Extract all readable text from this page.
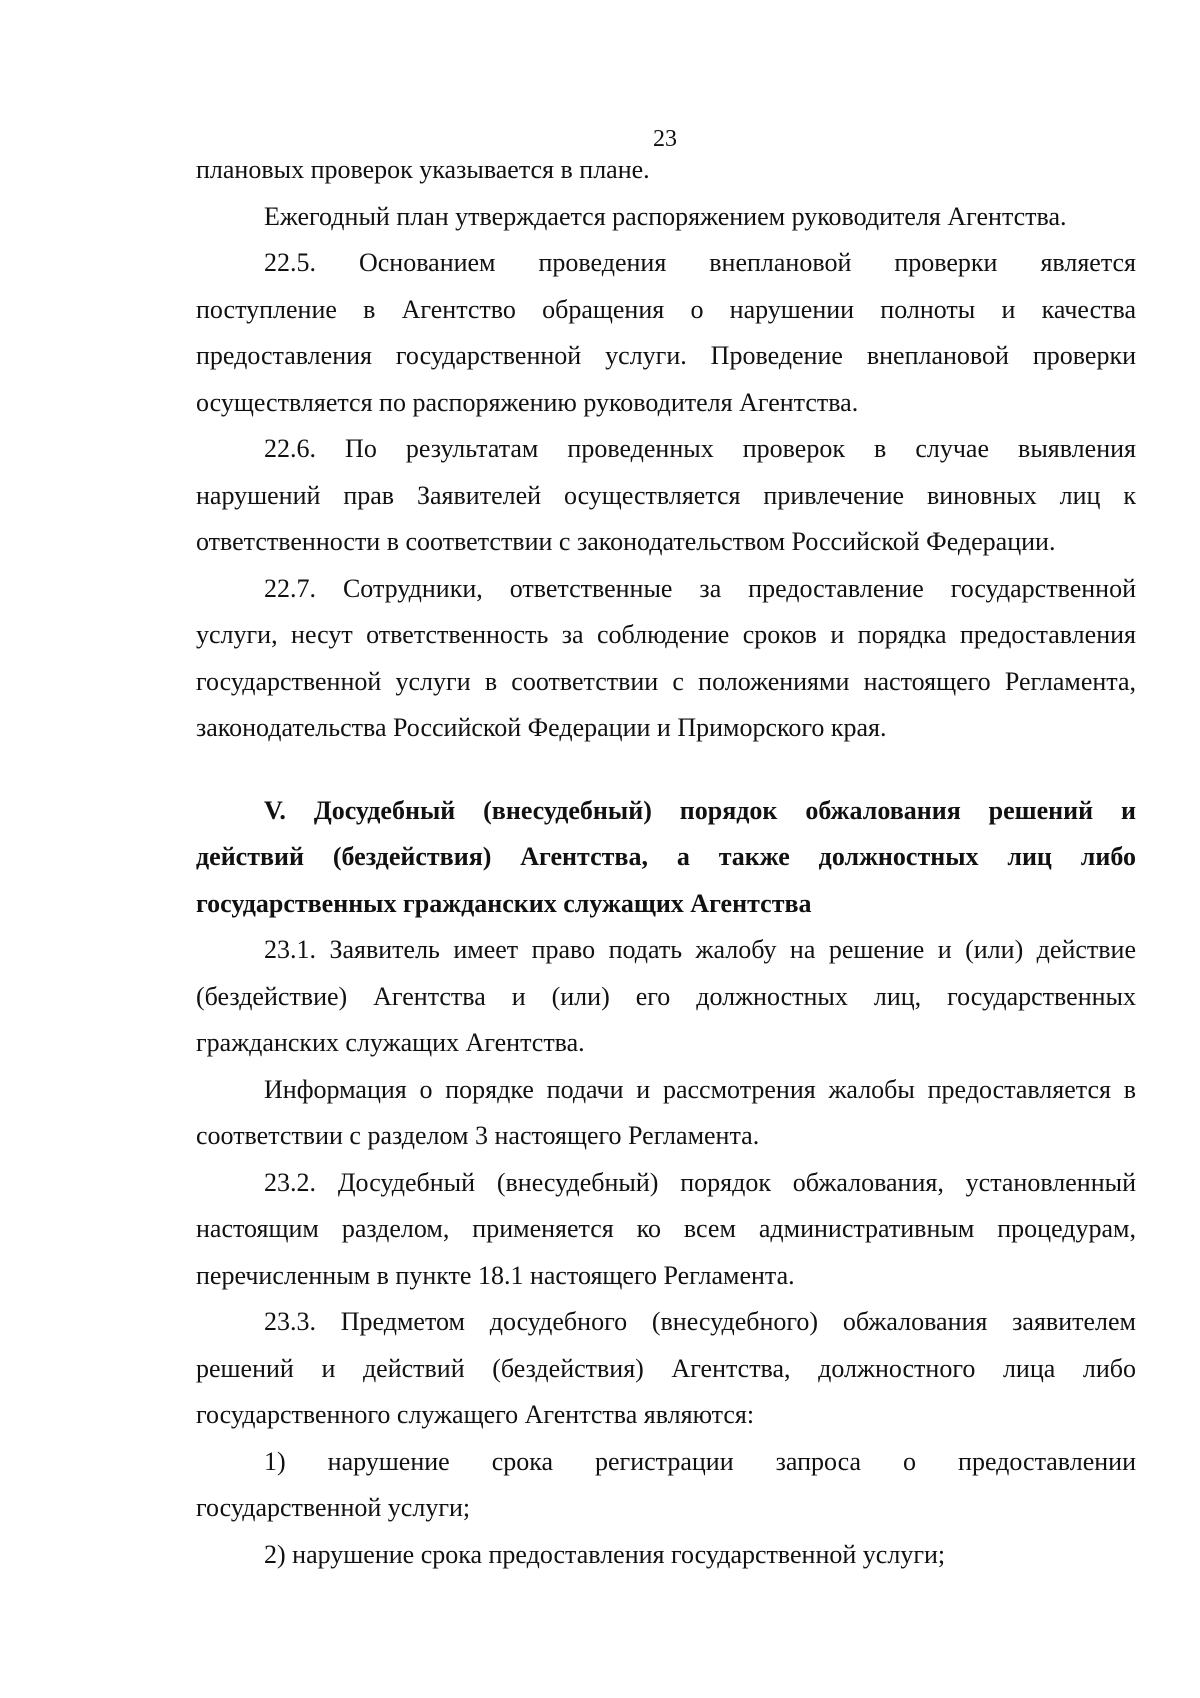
23
плановых проверок указывается в плане.
Ежегодный план утверждается распоряжением руководителя Агентства.
22.5. Основанием проведения внеплановой проверки является
поступление в Агентство обращения о нарушении полноты и качества
предоставления государственной услуги. Проведение внеплановой проверки
осуществляется по распоряжению руководителя Агентства.
22.6. По результатам проведенных проверок в случае выявления
нарушений прав Заявителей осуществляется привлечение виновных лиц к
ответственности в соответствии с законодательством Российской Федерации.
22.7. Сотрудники, ответственные за предоставление государственной
услуги, несут ответственность за соблюдение сроков и порядка предоставления
государственной услуги в соответствии с положениями настоящего Регламента,
законодательства Российской Федерации и Приморского края.
V. Досудебный (внесудебный) порядок обжалования решений и
действий (бездействия) Агентства, а также должностных лиц либо
государственных гражданских служащих Агентства
23.1. Заявитель имеет право подать жалобу на решение и (или) действие
(бездействие) Агентства и (или) его должностных лиц, государственных
гражданских служащих Агентства.
Информация о порядке подачи и рассмотрения жалобы предоставляется в
соответствии с разделом 3 настоящего Регламента.
23.2. Досудебный (внесудебный) порядок обжалования, установленный
настоящим разделом, применяется ко всем административным процедурам,
перечисленным в пункте 18.1 настоящего Регламента.
23.3. Предметом досудебного (внесудебного) обжалования заявителем
решений и действий (бездействия) Агентства, должностного лица либо
государственного служащего Агентства являются:
1) нарушение срока регистрации запроса о предоставлении
государственной услуги;
2) нарушение срока предоставления государственной услуги;
